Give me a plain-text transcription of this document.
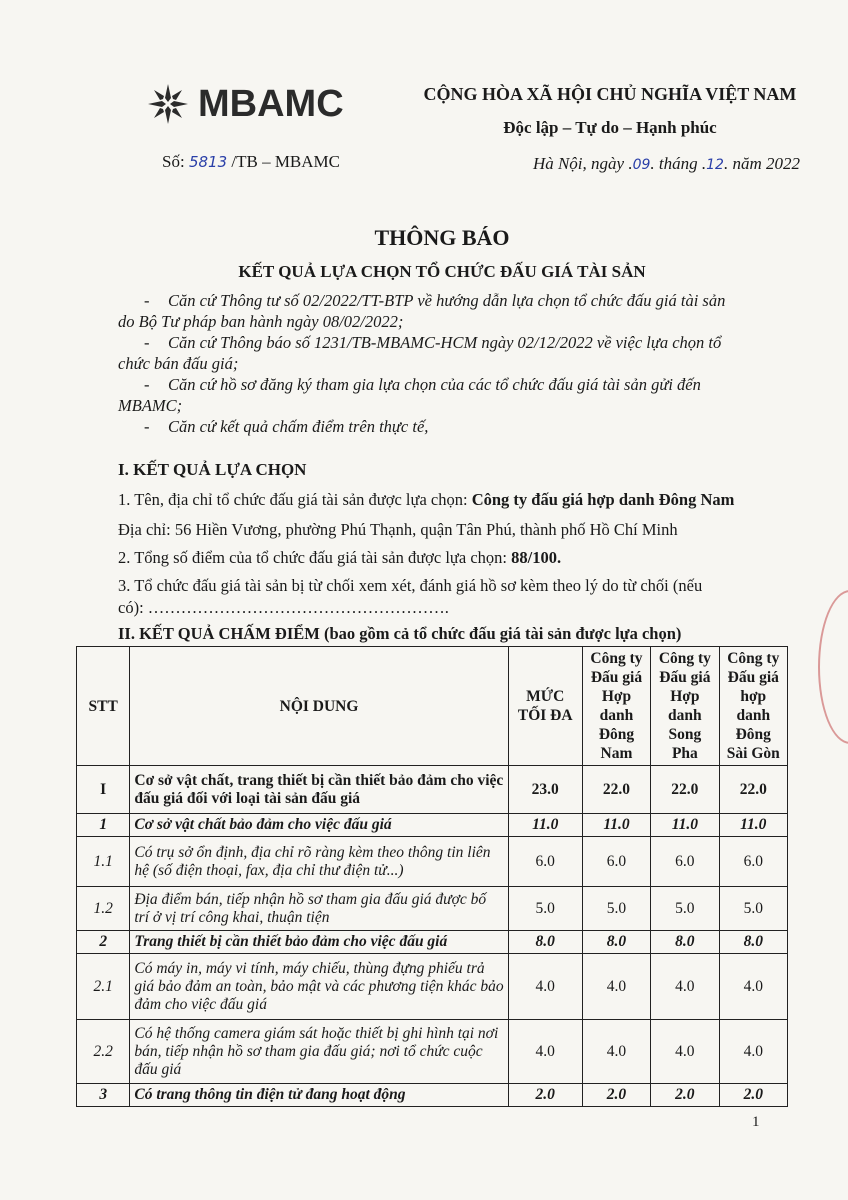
MBAMC
Số: 5813 /TB – MBAMC
CỘNG HÒA XÃ HỘI CHỦ NGHĨA VIỆT NAM
Độc lập – Tự do – Hạnh phúc
Hà Nội, ngày .09. tháng .12. năm 2022
THÔNG BÁO
KẾT QUẢ LỰA CHỌN TỔ CHỨC ĐẤU GIÁ TÀI SẢN
-	Căn cứ Thông tư số 02/2022/TT-BTP về hướng dẫn lựa chọn tổ chức đấu giá tài sản
do Bộ Tư pháp ban hành ngày 08/02/2022;
-	Căn cứ Thông báo số 1231/TB-MBAMC-HCM ngày 02/12/2022 về việc lựa chọn tổ
chức bán đấu giá;
-	Căn cứ hồ sơ đăng ký tham gia lựa chọn của các tổ chức đấu giá tài sản gửi đến
MBAMC;
-	Căn cứ kết quả chấm điểm trên thực tế,
I. KẾT QUẢ LỰA CHỌN
1. Tên, địa chỉ tổ chức đấu giá tài sản được lựa chọn: Công ty đấu giá hợp danh Đông Nam
Địa chỉ: 56 Hiền Vương, phường Phú Thạnh, quận Tân Phú, thành phố Hồ Chí Minh
2. Tổng số điểm của tổ chức đấu giá tài sản được lựa chọn: 88/100.
3. Tổ chức đấu giá tài sản bị từ chối xem xét, đánh giá hồ sơ kèm theo lý do từ chối (nếu
có): ……………………………………………….
II. KẾT QUẢ CHẤM ĐIỂM (bao gồm cả tổ chức đấu giá tài sản được lựa chọn)
STT	NỘI DUNG	MỨC TỐI ĐA	Công ty Đấu giá Hợp danh Đông Nam	Công ty Đấu giá Hợp danh Song Pha	Công ty Đấu giá hợp danh Đông Sài Gòn
I	Cơ sở vật chất, trang thiết bị cần thiết bảo đảm cho việc đấu giá đối với loại tài sản đấu giá	23.0	22.0	22.0	22.0
1	Cơ sở vật chất bảo đảm cho việc đấu giá	11.0	11.0	11.0	11.0
1.1	Có trụ sở ổn định, địa chỉ rõ ràng kèm theo thông tin liên hệ (số điện thoại, fax, địa chỉ thư điện tử...)	6.0	6.0	6.0	6.0
1.2	Địa điểm bán, tiếp nhận hồ sơ tham gia đấu giá được bố trí ở vị trí công khai, thuận tiện	5.0	5.0	5.0	5.0
2	Trang thiết bị cần thiết bảo đảm cho việc đấu giá	8.0	8.0	8.0	8.0
2.1	Có máy in, máy vi tính, máy chiếu, thùng đựng phiếu trả giá bảo đảm an toàn, bảo mật và các phương tiện khác bảo đảm cho việc đấu giá	4.0	4.0	4.0	4.0
2.2	Có hệ thống camera giám sát hoặc thiết bị ghi hình tại nơi bán, tiếp nhận hồ sơ tham gia đấu giá; nơi tổ chức cuộc đấu giá	4.0	4.0	4.0	4.0
3	Có trang thông tin điện tử đang hoạt động	2.0	2.0	2.0	2.0
1
